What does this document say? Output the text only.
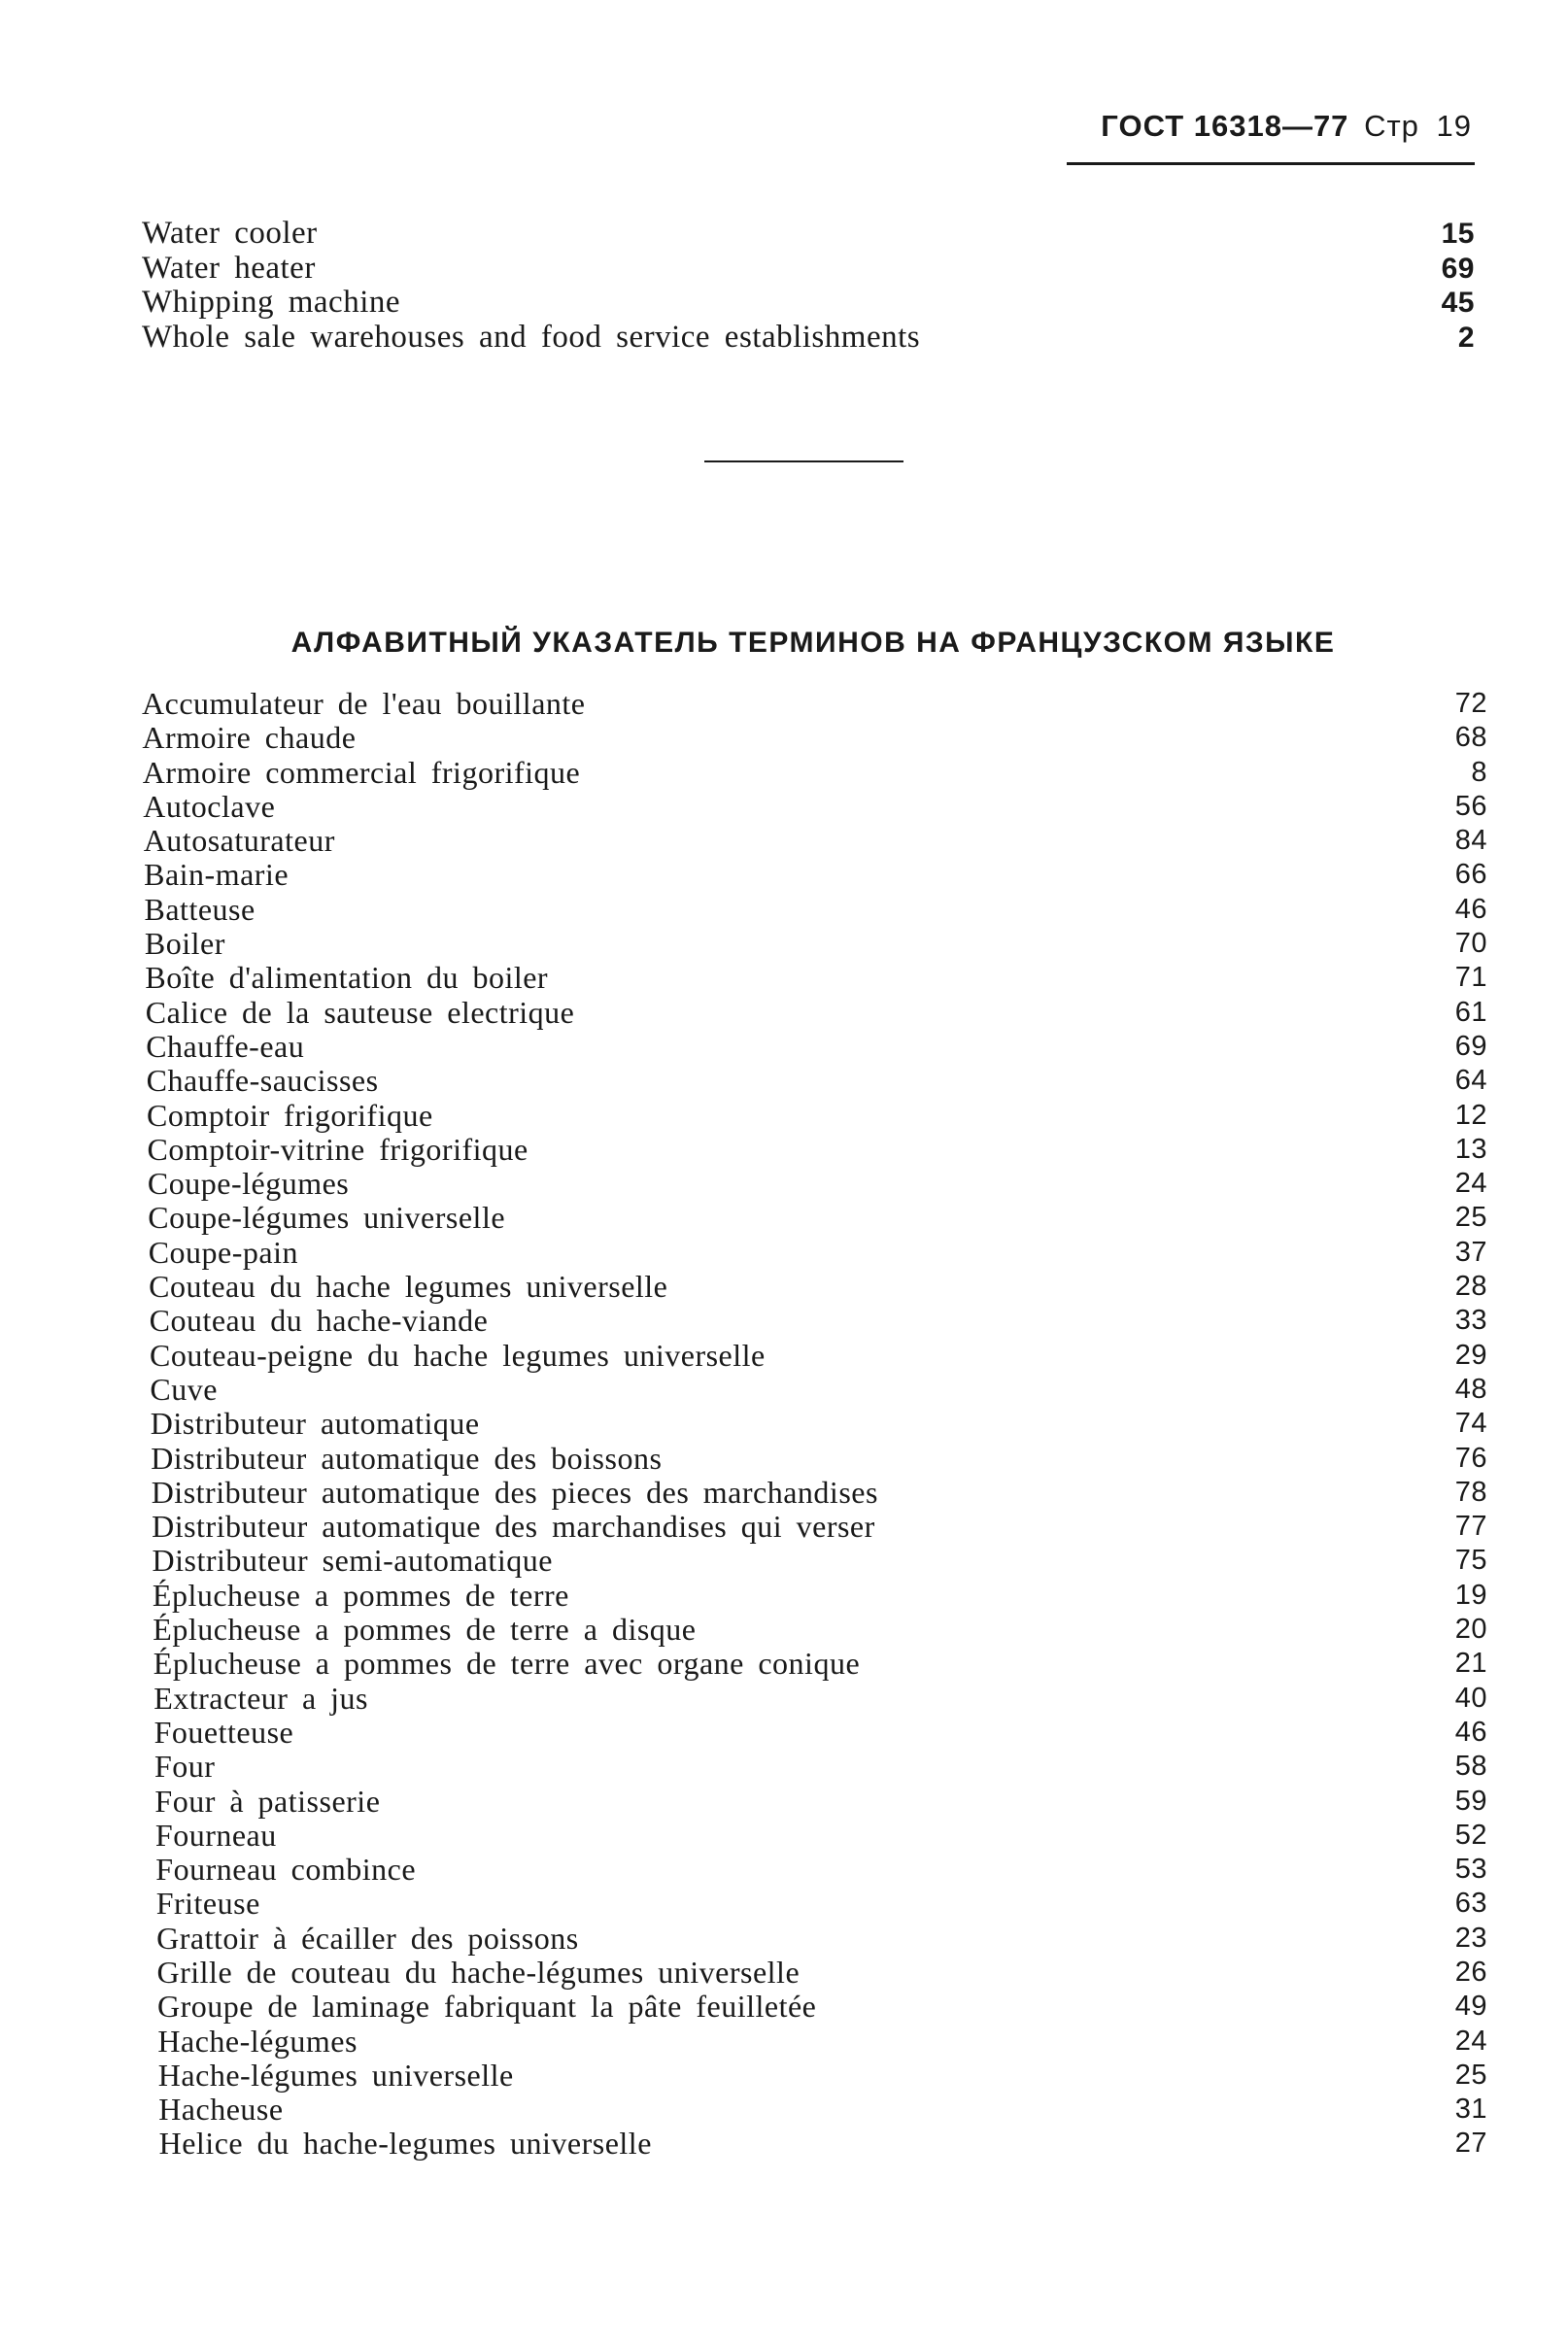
ГОСТ 16318—77 Стр 19
Water cooler	15
Water heater	69
Whipping machine	45
Whole sale warehouses and food service establishments	2
АЛФАВИТНЫЙ УКАЗАТЕЛЬ ТЕРМИНОВ НА ФРАНЦУЗСКОМ ЯЗЫКЕ
Accumulateur de l'eau bouillante	72
Armoire chaude	68
Armoire commercial frigorifique	8
Autoclave	56
Autosaturateur	84
Bain-marie	66
Batteuse	46
Boiler	70
Boîte d'alimentation du boiler	71
Calice de la sauteuse electrique	61
Chauffe-eau	69
Chauffe-saucisses	64
Comptoir frigorifique	12
Comptoir-vitrine frigorifique	13
Coupe-légumes	24
Coupe-légumes universelle	25
Coupe-pain	37
Couteau du hache legumes universelle	28
Couteau du hache-viande	33
Couteau-peigne du hache legumes universelle	29
Cuve	48
Distributeur automatique	74
Distributeur automatique des boissons	76
Distributeur automatique des pieces des marchandises	78
Distributeur automatique des marchandises qui verser	77
Distributeur semi-automatique	75
Éplucheuse a pommes de terre	19
Éplucheuse a pommes de terre a disque	20
Éplucheuse a pommes de terre avec organe conique	21
Extracteur a jus	40
Fouetteuse	46
Four	58
Four à patisserie	59
Fourneau	52
Fourneau combince	53
Friteuse	63
Grattoir à écailler des poissons	23
Grille de couteau du hache-légumes universelle	26
Groupe de laminage fabriquant la pâte feuilletée	49
Hache-légumes	24
Hache-légumes universelle	25
Hacheuse	31
Helice du hache-legumes universelle	27
